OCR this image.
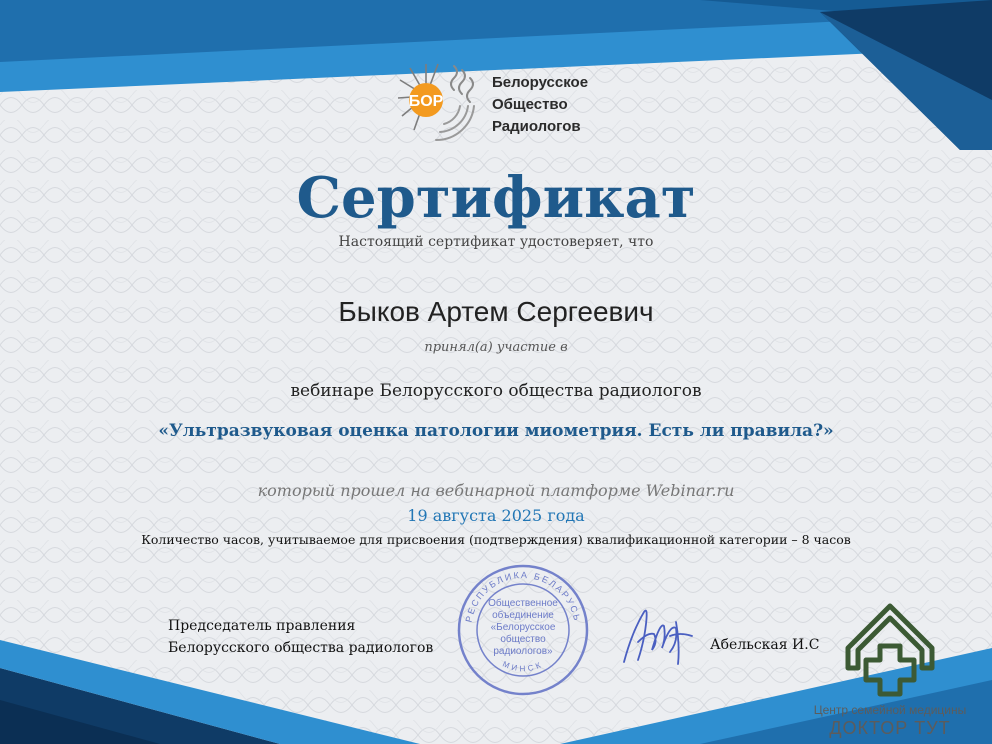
БОР
Белорусское
Общество
Радиологов
Сертификат
Настоящий сертификат удостоверяет, что
Быков Артем Сергеевич
принял(а) участие в
вебинаре Белорусского общества радиологов
«Ультразвуковая оценка патологии миометрия. Есть ли правила?»
который прошел на вебинарной платформе Webinar.ru
19 августа 2025 года
Количество часов, учитываемое для присвоения (подтверждения) квалификационной категории – 8 часов
Председатель правления
Белорусского общества радиологов
РЕСПУБЛИКА БЕЛАРУСЬ
МИНСК
Общественное
объединение
«Белорусское
общество
радиологов»	Абельская И.С
Центр семейной медицины
ДОКТОР ТУТ
